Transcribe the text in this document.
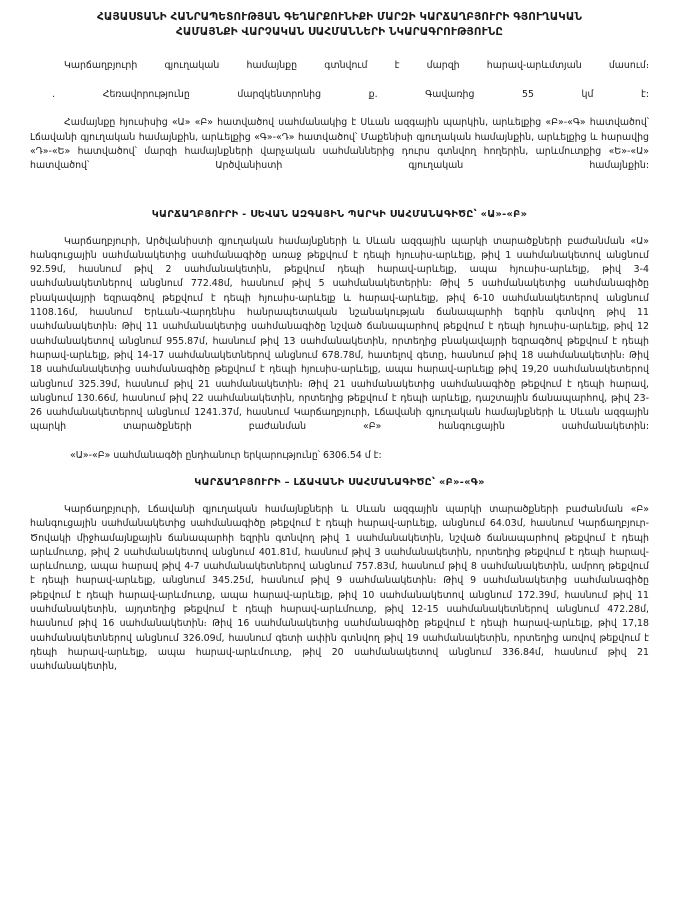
ՀԱՅԱՍՏԱՆԻ ՀԱՆՐԱՊԵՏՈՒԹՅԱՆ ԳԵՂԱՐՔՈՒՆԻՔԻ ՄԱՐԶԻ ԿԱՐՃԱՂԲՅՈՒՐԻ ԳՅՈՒՂԱԿԱՆ
ՀԱՄԱՅՆՔԻ ՎԱՐՉԱԿԱՆ ՍԱՀՄԱՆՆԵՐԻ ՆԿԱՐԱԳՐՈՒԹՅՈՒՆԸ

Կարճաղբյուրի գյուղական համայնքը գտնվում է մարզի հարավ-արևմտյան մասում։

․ Հեռավորությունը մարզկենտրոնից ք. Գավառից 55 կմ է:

Համայնքը հյուսիսից «Ա» «Բ» հատվածով սահմանակից է Սևան ազգային պարկին, արևելքից «Բ»-«Գ» հատվածով՝ Լճավանի գյուղական համայնքին, արևելքից «Գ»-«Դ» հատվածով՝ Մաքենիսի գյուղական համայնքին, արևելքից և հարավից «Դ»-«Ե» հատվածով՝ մարզի համայնքների վարչական սահմաններից դուրս գտնվող հողերին, արևմուտքից «Ե»-«Ա» հատվածով՝ Արծվանիստի գյուղական համայնքին:

ԿԱՐՃԱՂԲՅՈՒՐԻ - ՍԵՎԱՆ ԱԶԳԱՅԻՆ ՊԱՐԿԻ ՍԱՀՄԱՆԱԳԻԾԸ՝ «Ա»-«Բ»

Կարճաղբյուրի, Արծվանիստի գյուղական համայնքների և Սևան ազգային պարկի տարածքների բաժանման «Ա» հանգուցային սահմանակետից սահմանագիծը առաջ թեքվում է դեպի հյուսիս-արևելք, թիվ 1 սահմանակետով անցնում 92.59մ, հասնում թիվ 2 սահմանակետին, թեքվում դեպի հարավ-արևելք, ապա հյուսիս-արևելք, թիվ 3-4 սահմանակետներով անցնում 772.48մ, հասնում թիվ 5 սահմանակետերին: Թիվ 5 սահմանակետից սահմանագիծը բնակավայրի եզրագծով թեքվում է դեպի հյուսիս-արևելք և հարավ-արևելք, թիվ 6-10 սահմանակետերով անցնում 1108.16մ, հասնում Երևան-Վարդենիս հանրապետական նշանակության ճանապարհի եզրին գտնվող թիվ 11 սահմանակետին։ Թիվ 11 սահմանակետից սահմանագիծը նշված ճանապարհով թեքվում է դեպի հյուսիս-արևելք, թիվ 12 սահմանակետով անցնում 955.87մ, հասնում թիվ 13 սահմանակետին, որտեղից բնակավայրի եզրագծով թեքվում է դեպի հարավ-արևելք, թիվ 14-17 սահմանակետներով անցնում 678.78մ, հատելով գետը, հասնում թիվ 18 սահմանակետին։ Թիվ 18 սահմանակետից սահմանագիծը թեքվում է դեպի հյուսիս-արևելք, ապա հարավ-արևելք թիվ 19,20 սահմանակետերով անցնում 325.39մ, հասնում թիվ 21 սահմանակետին։ Թիվ 21 սահմանակետից սահմանագիծը թեքվում է դեպի հարավ, անցնում 130.66մ, հասնում թիվ 22 սահմանակետին, որտեղից թեքվում է դեպի արևելք, դաշտային ճանապարհով, թիվ 23-26 սահմանակետերով անցնում 1241.37մ, հասնում Կարճաղբյուրի, Լճավանի գյուղական համայնքների և Սևան ազգային պարկի տարածքների բաժանման «Բ» հանգուցային սահմանակետին:

«Ա»-«Բ» սահմանագծի ընդհանուր երկարությունը՝ 6306.54 մ է:

ԿԱՐՃԱՂԲՅՈՒՐԻ – ԼՃԱՎԱՆԻ ՍԱՀՄԱՆԱԳԻԾԸ՝ «Բ»-«Գ»

Կարճաղբյուրի, Լճավանի գյուղական համայնքների և Սևան ազգային պարկի տարածքների բաժանման «Բ» հանգուցային սահմանակետից սահմանագիծը թեքվում է դեպի հարավ-արևելք, անցնում 64.03մ, հասնում Կարճաղբյուր-Ծովակի միջհամայնքային ճանապարհի եզրին գտնվող թիվ 1 սահմանակետին, նշված ճանապարհով թեքվում է դեպի արևմուտք, թիվ 2 սահմանակետով անցնում 401.81մ, հասնում թիվ 3 սահմանակետին, որտեղից թեքվում է դեպի հարավ-արևմուտք, ապա հարավ թիվ 4-7 սահմանակետներով անցնում 757.83մ, հասնում թիվ 8 սահմանակետին, ամրող թեքվում է դեպի հարավ-արևելք, անցնում 345.25մ, հասնում թիվ 9 սահմանակետին։ Թիվ 9 սահմանակետից սահմանագիծը թեքվում է դեպի հարավ-արևմուտք, ապա հարավ-արևելք, թիվ 10 սահմանակետով անցնում 172.39մ, հասնում թիվ 11 սահմանակետին, այդտեղից թեքվում է դեպի հարավ-արևմուտք, թիվ 12-15 սահմանակետներով անցնում 472.28մ, հասնում թիվ 16 սահմանակետին։ Թիվ 16 սահմանակետից սահմանագիծը թեքվում է դեպի հարավ-արևելք, թիվ 17,18 սահմանակետներով անցնում 326.09մ, հասնում գետի ափին գտնվող թիվ 19 սահմանակետին, որտեղից առվով թեքվում է դեպի հարավ-արևելք, ապա հարավ-արևմուտք, թիվ 20 սահմանակետով անցնում 336.84մ, հասնում թիվ 21 սահմանակետին,
